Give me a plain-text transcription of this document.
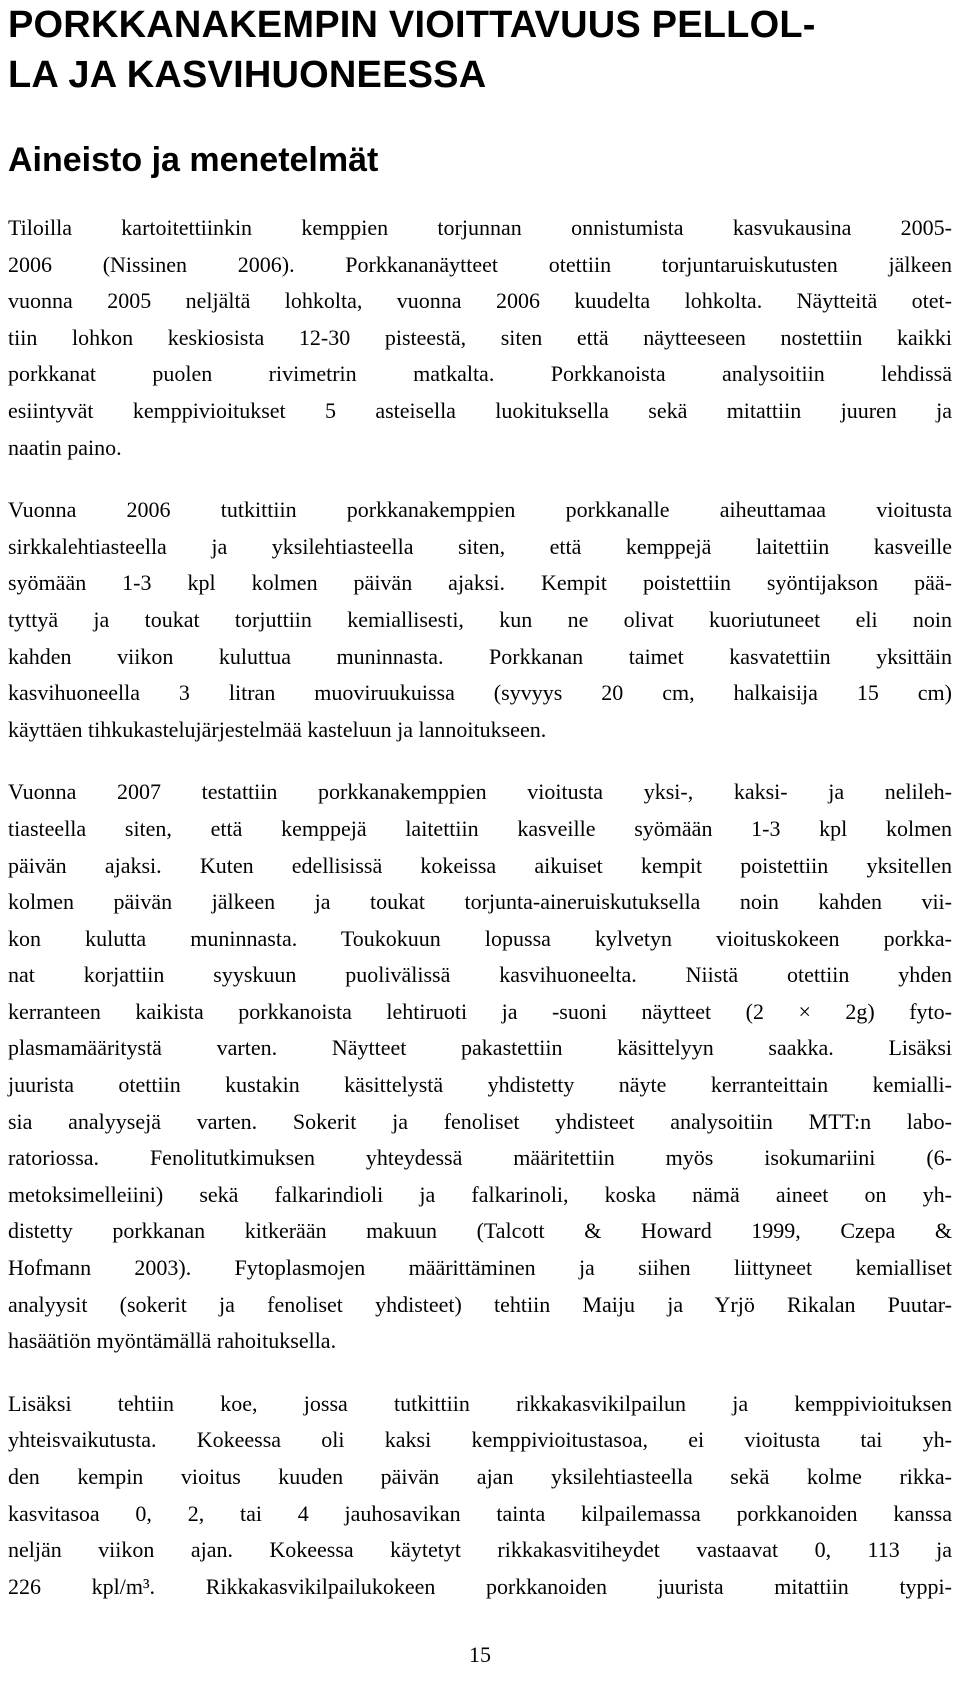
PORKKANAKEMPIN VIOITTAVUUS PELLOL-
LA JA KASVIHUONEESSA
Aineisto ja menetelmät
Tiloilla kartoitettiinkin kemppien torjunnan onnistumista kasvukausina 2005-
2006 (Nissinen 2006). Porkkananäytteet otettiin torjuntaruiskutusten jälkeen
vuonna 2005 neljältä lohkolta, vuonna 2006 kuudelta lohkolta. Näytteitä otet-
tiin lohkon keskiosista 12-30 pisteestä, siten että näytteeseen nostettiin kaikki
porkkanat puolen rivimetrin matkalta. Porkkanoista analysoitiin lehdissä
esiintyvät kemppivioitukset 5 asteisella luokituksella sekä mitattiin juuren ja
naatin paino.
Vuonna 2006 tutkittiin porkkanakemppien porkkanalle aiheuttamaa vioitusta
sirkkalehtiasteella ja yksilehtiasteella siten, että kemppejä laitettiin kasveille
syömään 1-3 kpl kolmen päivän ajaksi. Kempit poistettiin syöntijakson pää-
tyttyä ja toukat torjuttiin kemiallisesti, kun ne olivat kuoriutuneet eli noin
kahden viikon kuluttua muninnasta. Porkkanan taimet kasvatettiin yksittäin
kasvihuoneella 3 litran muoviruukuissa (syvyys 20 cm, halkaisija 15 cm)
käyttäen tihkukastelujärjestelmää kasteluun ja lannoitukseen.
Vuonna 2007 testattiin porkkanakemppien vioitusta yksi-, kaksi- ja nelileh-
tiasteella siten, että kemppejä laitettiin kasveille syömään 1-3 kpl kolmen
päivän ajaksi. Kuten edellisissä kokeissa aikuiset kempit poistettiin yksitellen
kolmen päivän jälkeen ja toukat torjunta-aineruiskutuksella noin kahden vii-
kon kulutta muninnasta. Toukokuun lopussa kylvetyn vioituskokeen porkka-
nat korjattiin syyskuun puolivälissä kasvihuoneelta. Niistä otettiin yhden
kerranteen kaikista porkkanoista lehtiruoti ja -suoni näytteet (2 × 2g) fyto-
plasmamääritystä varten. Näytteet pakastettiin käsittelyyn saakka. Lisäksi
juurista otettiin kustakin käsittelystä yhdistetty näyte kerranteittain kemialli-
sia analyysejä varten. Sokerit ja fenoliset yhdisteet analysoitiin MTT:n labo-
ratoriossa. Fenolitutkimuksen yhteydessä määritettiin myös isokumariini (6-
metoksimelleiini) sekä falkarindioli ja falkarinoli, koska nämä aineet on yh-
distetty porkkanan kitkerään makuun (Talcott & Howard 1999, Czepa &
Hofmann 2003). Fytoplasmojen määrittäminen ja siihen liittyneet kemialliset
analyysit (sokerit ja fenoliset yhdisteet) tehtiin Maiju ja Yrjö Rikalan Puutar-
hasäätiön myöntämällä rahoituksella.
Lisäksi tehtiin koe, jossa tutkittiin rikkakasvikilpailun ja kemppivioituksen
yhteisvaikutusta. Kokeessa oli kaksi kemppivioitustasoa, ei vioitusta tai yh-
den kempin vioitus kuuden päivän ajan yksilehtiasteella sekä kolme rikka-
kasvitasoa 0, 2, tai 4 jauhosavikan tainta kilpailemassa porkkanoiden kanssa
neljän viikon ajan. Kokeessa käytetyt rikkakasvitiheydet vastaavat 0, 113 ja
226 kpl/m³. Rikkakasvikilpailukokeen porkkanoiden juurista mitattiin typpi-
15
